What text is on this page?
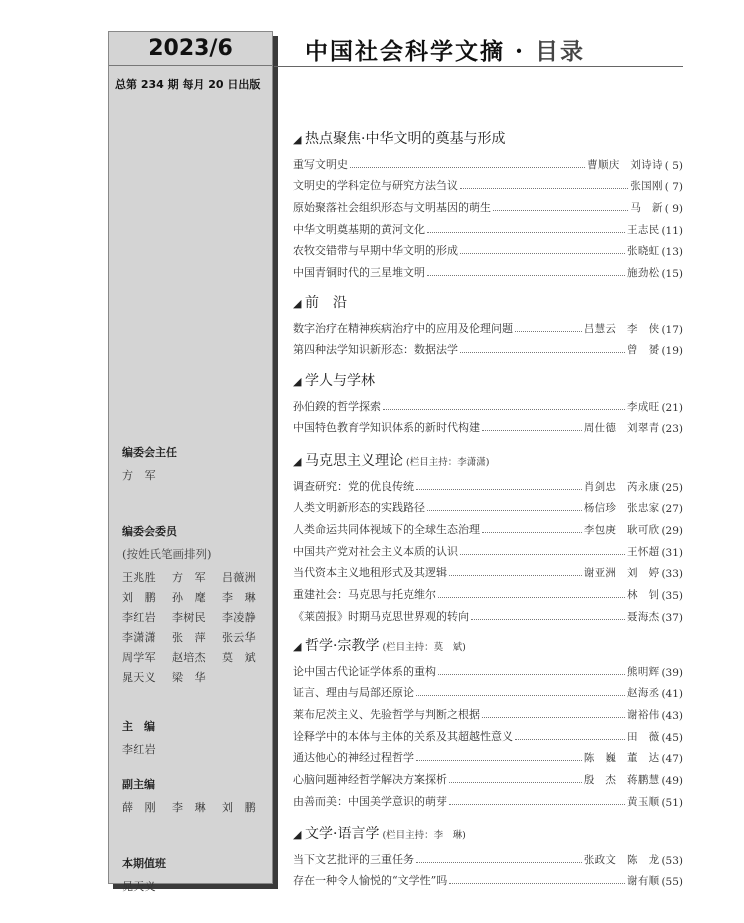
2023/6
总第 234 期 每月 20 日出版
编委会主任
方　军
编委会委员
(按姓氏笔画排列)
王兆胜 方　军 吕薇洲
刘　鹏 孙　麾 李　琳
李红岩 李树民 李凌静
李潇潇 张　萍 张云华
周学军 赵培杰 莫　斌
晁天义 梁　华
主　编
李红岩
副主编
薛　刚 李　琳 刘　鹏
本期值班
晁天义
中国社会科学文摘 · 目录
◢ 热点聚焦·中华文明的奠基与形成
重写文明史	曹顺庆　刘诗诗 ( 5)
文明史的学科定位与研究方法刍议	张国刚 ( 7)
原始聚落社会组织形态与文明基因的萌生	马　新 ( 9)
中华文明奠基期的黄河文化	王志民 (11)
农牧交错带与早期中华文明的形成	张晓虹 (13)
中国青铜时代的三星堆文明	施劲松 (15)
◢ 前　沿
数字治疗在精神疾病治疗中的应用及伦理问题	吕慧云　李　侠 (17)
第四种法学知识新形态：数据法学	曾　赟 (19)
◢ 学人与学林
孙伯鍨的哲学探索	李成旺 (21)
中国特色教育学知识体系的新时代构建	周仕德　刘翠青 (23)
◢ 马克思主义理论 (栏目主持：李潇潇)
调查研究：党的优良传统	肖剑忠　芮永康 (25)
人类文明新形态的实践路径	杨信珍　张忠家 (27)
人类命运共同体视域下的全球生态治理	李包庚　耿可欣 (29)
中国共产党对社会主义本质的认识	王怀超 (31)
当代资本主义地租形式及其逻辑	谢亚洲　刘　婷 (33)
重建社会：马克思与托克维尔	林　钊 (35)
《莱茵报》时期马克思世界观的转向	聂海杰 (37)
◢ 哲学·宗教学 (栏目主持：莫　斌)
论中国古代论证学体系的重构	熊明辉 (39)
证言、理由与局部还原论	赵海丞 (41)
莱布尼茨主义、先验哲学与判断之根据	谢裕伟 (43)
诠释学中的本体与主体的关系及其超越性意义	田　薇 (45)
通达他心的神经过程哲学	陈　巍　董　达 (47)
心脑问题神经哲学解决方案探析	殷　杰　蒋鹏慧 (49)
由善而美：中国美学意识的萌芽	黄玉顺 (51)
◢ 文学·语言学 (栏目主持：李　琳)
当下文艺批评的三重任务	张政文　陈　龙 (53)
存在一种令人愉悦的“文学性”吗	谢有顺 (55)
